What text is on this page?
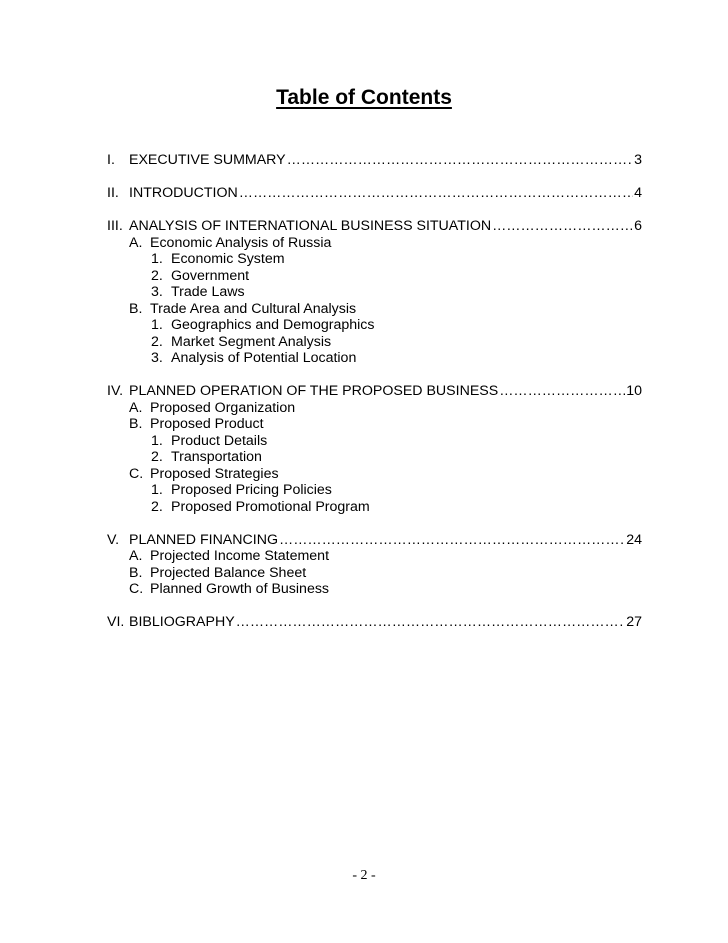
Table of Contents
I. EXECUTIVE SUMMARY ……………………………………………………………………………………………………………………………………………	3
II. INTRODUCTION ……………………………………………………………………………………………………………………………………………	4
III. ANALYSIS OF INTERNATIONAL BUSINESS SITUATION ……………………………………………………………………………………………………………………………………………	6
A. Economic Analysis of Russia
1. Economic System
2. Government
3. Trade Laws
B. Trade Area and Cultural Analysis
1. Geographics and Demographics
2. Market Segment Analysis
3. Analysis of Potential Location
IV. PLANNED OPERATION OF THE PROPOSED BUSINESS ……………………………………………………………………………………………………………………………………………	10
A. Proposed Organization
B. Proposed Product
1. Product Details
2. Transportation
C. Proposed Strategies
1. Proposed Pricing Policies
2. Proposed Promotional Program
V. PLANNED FINANCING ……………………………………………………………………………………………………………………………………………	24
A. Projected Income Statement
B. Projected Balance Sheet
C. Planned Growth of Business
VI. BIBLIOGRAPHY ……………………………………………………………………………………………………………………………………………	27
- 2 -
